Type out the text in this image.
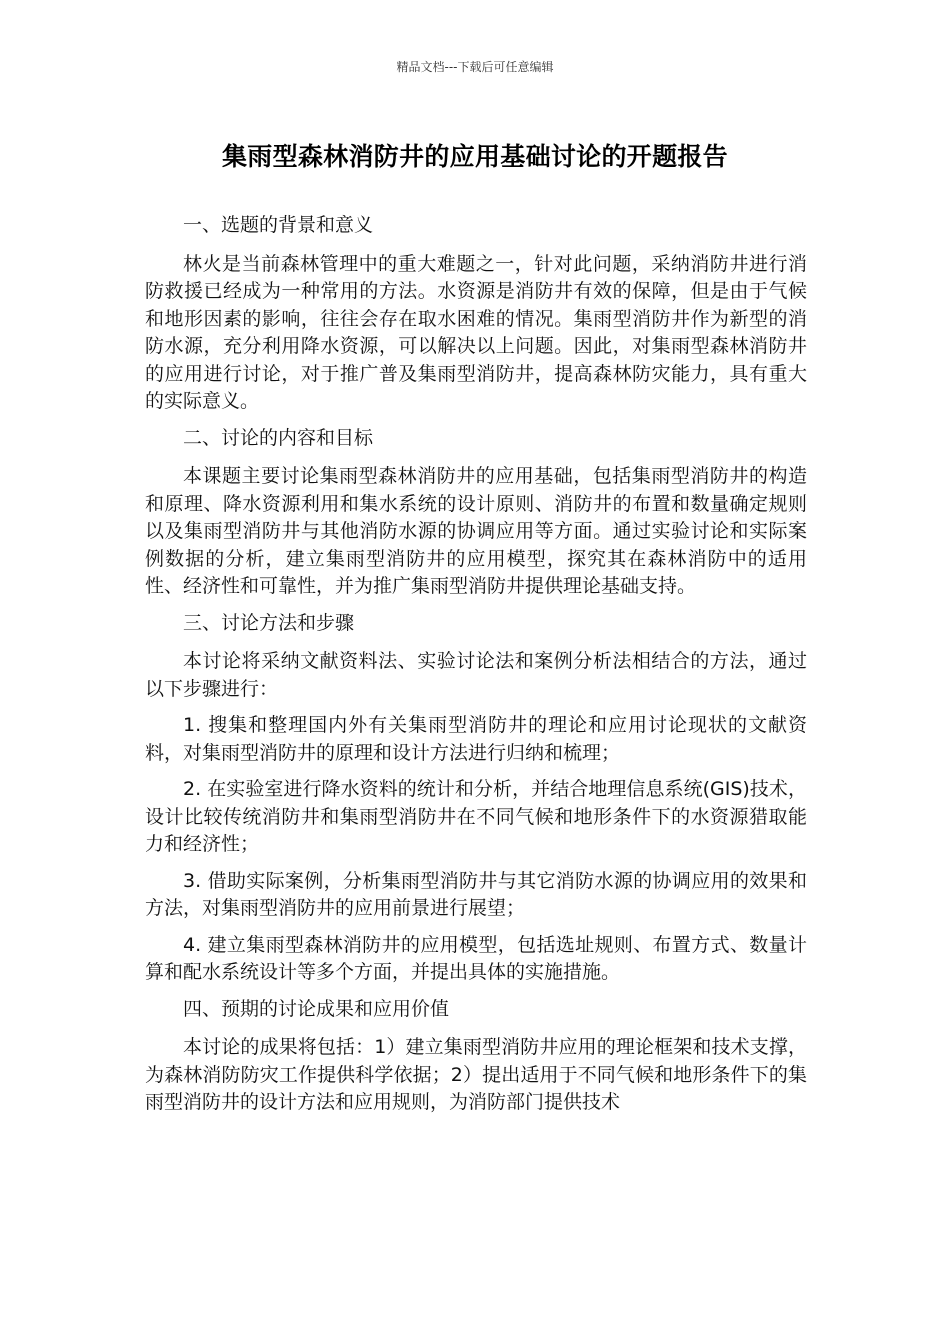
精品文档---下载后可任意编辑
集雨型森林消防井的应用基础讨论的开题报告

一、选题的背景和意义

林火是当前森林管理中的重大难题之一，针对此问题，采纳消防井进行消防救援已经成为一种常用的方法。水资源是消防井有效的保障，但是由于气候和地形因素的影响，往往会存在取水困难的情况。集雨型消防井作为新型的消防水源，充分利用降水资源，可以解决以上问题。因此，对集雨型森林消防井的应用进行讨论，对于推广普及集雨型消防井，提高森林防灾能力，具有重大的实际意义。

二、讨论的内容和目标

本课题主要讨论集雨型森林消防井的应用基础，包括集雨型消防井的构造和原理、降水资源利用和集水系统的设计原则、消防井的布置和数量确定规则以及集雨型消防井与其他消防水源的协调应用等方面。通过实验讨论和实际案例数据的分析，建立集雨型消防井的应用模型，探究其在森林消防中的适用性、经济性和可靠性，并为推广集雨型消防井提供理论基础支持。

三、讨论方法和步骤

本讨论将采纳文献资料法、实验讨论法和案例分析法相结合的方法，通过以下步骤进行：

1. 搜集和整理国内外有关集雨型消防井的理论和应用讨论现状的文献资料，对集雨型消防井的原理和设计方法进行归纳和梳理；

2. 在实验室进行降水资料的统计和分析，并结合地理信息系统(GIS)技术，设计比较传统消防井和集雨型消防井在不同气候和地形条件下的水资源猎取能力和经济性；

3. 借助实际案例，分析集雨型消防井与其它消防水源的协调应用的效果和方法，对集雨型消防井的应用前景进行展望；

4. 建立集雨型森林消防井的应用模型，包括选址规则、布置方式、数量计算和配水系统设计等多个方面，并提出具体的实施措施。

四、预期的讨论成果和应用价值

本讨论的成果将包括：1）建立集雨型消防井应用的理论框架和技术支撑，为森林消防防灾工作提供科学依据；2）提出适用于不同气候和地形条件下的集雨型消防井的设计方法和应用规则，为消防部门提供技术
